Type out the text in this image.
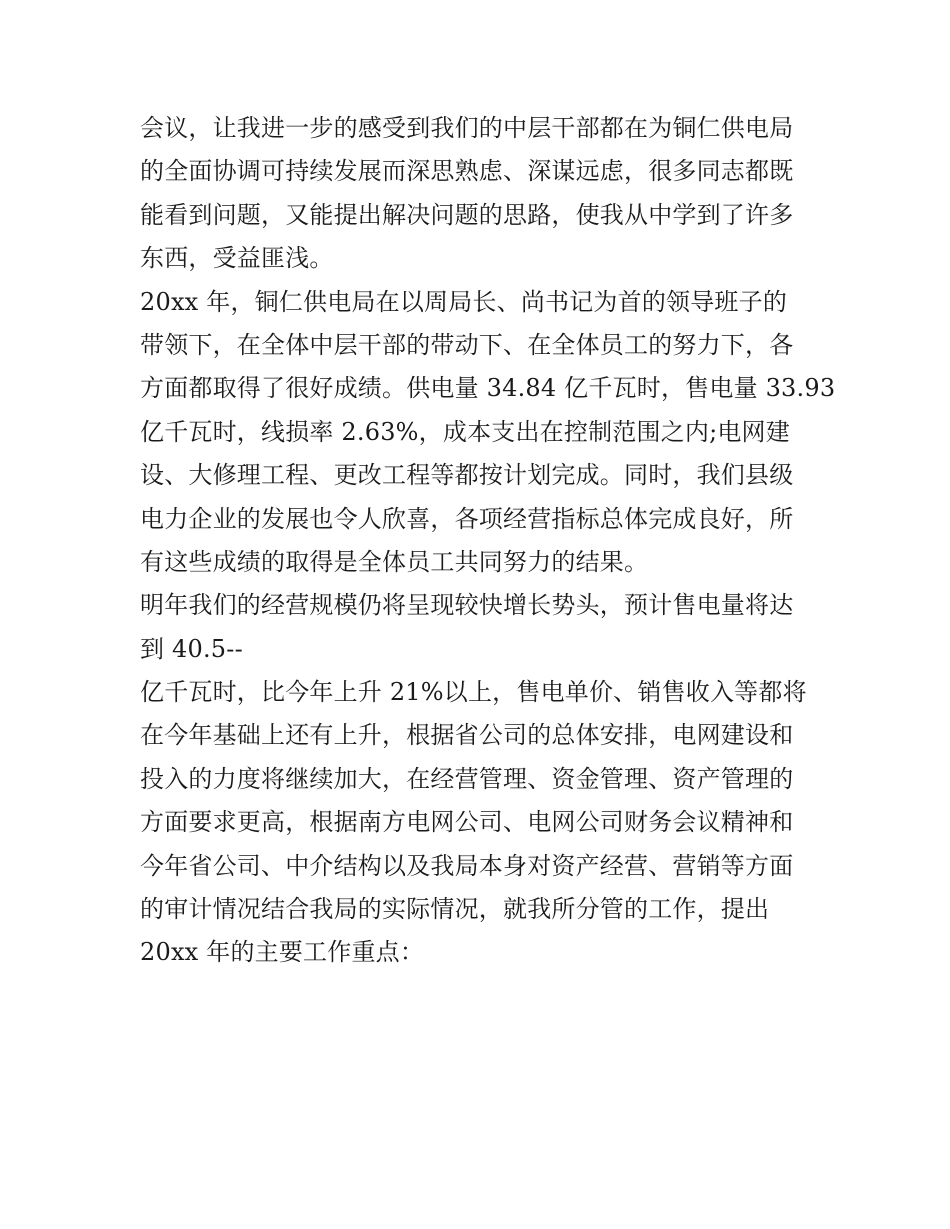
会议，让我进一步的感受到我们的中层干部都在为铜仁供电局
的全面协调可持续发展而深思熟虑、深谋远虑，很多同志都既
能看到问题，又能提出解决问题的思路，使我从中学到了许多
东西，受益匪浅。
20xx 年，铜仁供电局在以周局长、尚书记为首的领导班子的
带领下，在全体中层干部的带动下、在全体员工的努力下，各
方面都取得了很好成绩。供电量 34.84 亿千瓦时，售电量 33.93
亿千瓦时，线损率 2.63%，成本支出在控制范围之内;电网建
设、大修理工程、更改工程等都按计划完成。同时，我们县级
电力企业的发展也令人欣喜，各项经营指标总体完成良好，所
有这些成绩的取得是全体员工共同努力的结果。
明年我们的经营规模仍将呈现较快增长势头，预计售电量将达
到 40.5--
亿千瓦时，比今年上升 21%以上，售电单价、销售收入等都将
在今年基础上还有上升，根据省公司的总体安排，电网建设和
投入的力度将继续加大，在经营管理、资金管理、资产管理的
方面要求更高，根据南方电网公司、电网公司财务会议精神和
今年省公司、中介结构以及我局本身对资产经营、营销等方面
的审计情况结合我局的实际情况，就我所分管的工作，提出
20xx 年的主要工作重点：
